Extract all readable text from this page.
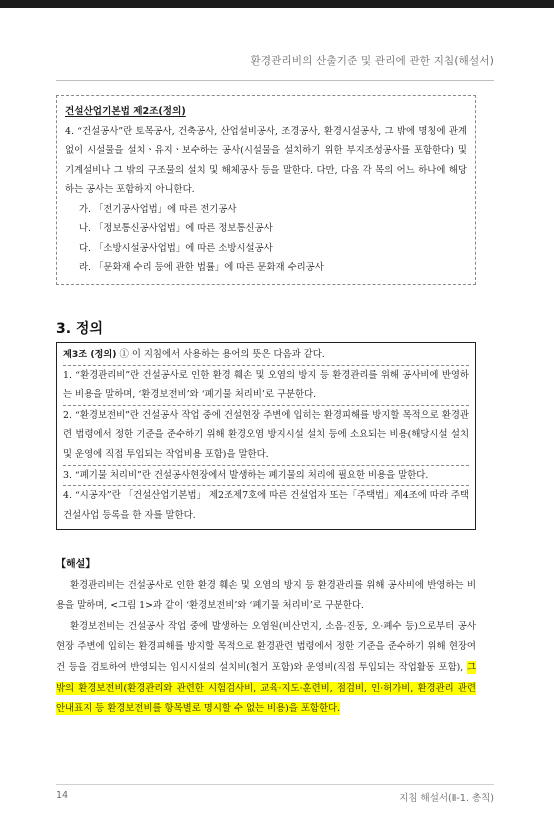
환경관리비의 산출기준 및 관리에 관한 지침(해설서)
건설산업기본법 제2조(정의)
4. “건설공사”란 토목공사, 건축공사, 산업설비공사, 조경공사, 환경시설공사, 그 밖에 명칭에 관계없이 시설물을 설치ㆍ유지ㆍ보수하는 공사(시설물을 설치하기 위한 부지조성공사를 포함한다) 및 기계설비나 그 밖의 구조물의 설치 및 해체공사 등을 말한다. 다만, 다음 각 목의 어느 하나에 해당하는 공사는 포함하지 아니한다.
가. 「전기공사업법」에 따른 전기공사
나. 「정보통신공사업법」에 따른 정보통신공사
다. 「소방시설공사업법」에 따른 소방시설공사
라. 「문화재 수리 등에 관한 법률」에 따른 문화재 수리공사
3. 정의
제3조 (정의) ① 이 지침에서 사용하는 용어의 뜻은 다음과 같다.
1. “환경관리비”란 건설공사로 인한 환경 훼손 및 오염의 방지 등 환경관리를 위해 공사비에 반영하는 비용을 말하며, ‘환경보전비’와 ‘폐기물 처리비’로 구분한다.
2. “환경보전비”란 건설공사 작업 중에 건설현장 주변에 입히는 환경피해를 방지할 목적으로 환경관련 법령에서 정한 기준을 준수하기 위해 환경오염 방지시설 설치 등에 소요되는 비용(해당시설 설치 및 운영에 직접 투입되는 작업비용 포함)을 말한다.
3. “폐기물 처리비”란 건설공사현장에서 발생하는 폐기물의 처리에 필요한 비용을 말한다.
4. “시공자”란 「건설산업기본법」 제2조제7호에 따른 건설업자 또는「주택법」제4조에 따라 주택건설사업 등록을 한 자를 말한다.
【해설】

환경관리비는 건설공사로 인한 환경 훼손 및 오염의 방지 등 환경관리를 위해 공사비에 반영하는 비용을 말하며, <그림 1>과 같이 ‘환경보전비’와 ‘폐기물 처리비’로 구분한다.

환경보전비는 건설공사 작업 중에 발생하는 오염원(비산먼지, 소음·진동, 오·폐수 등)으로부터 공사현장 주변에 입히는 환경피해를 방지할 목적으로 환경관련 법령에서 정한 기준을 준수하기 위해 현장여건 등을 검토하여 반영되는 임시시설의 설치비(철거 포함)와 운영비(직접 투입되는 작업활동 포함), 그 밖의 환경보전비(환경관리와 관련한 시험검사비, 교육·지도·훈련비, 점검비, 인·허가비, 환경관리 관련 안내표지 등 환경보전비를 항목별로 명시할 수 없는 비용)을 포함한다.

14	지침 해설서(Ⅱ-1. 총칙)
